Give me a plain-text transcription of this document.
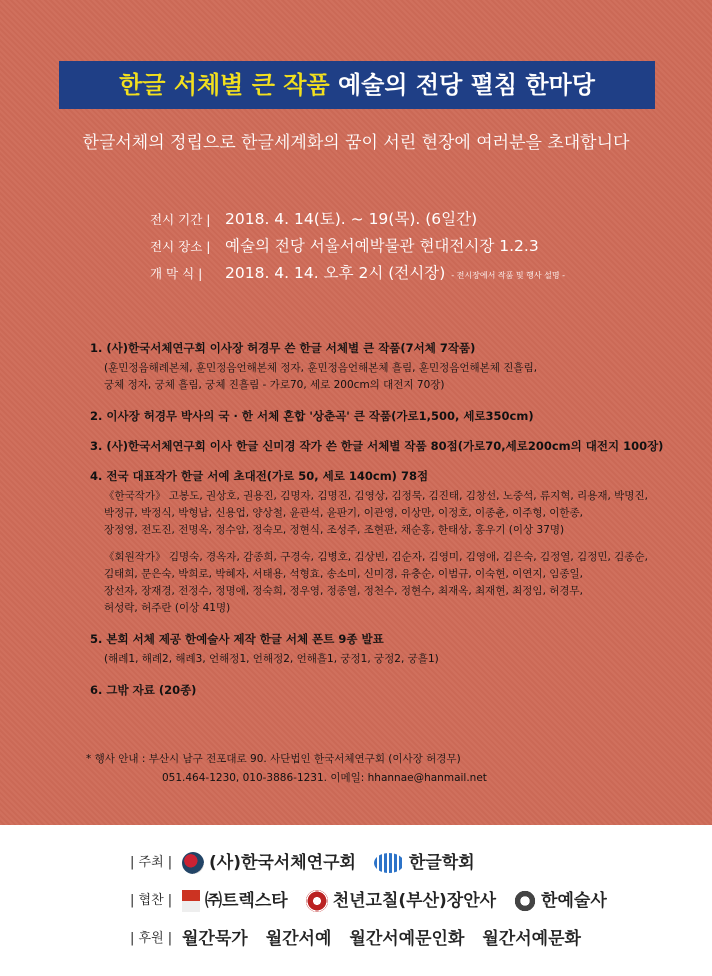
한글 서체별 큰 작품 예술의 전당 펼침 한마당
한글서체의 정립으로 한글세계화의 꿈이 서린 현장에 여러분을 초대합니다
전시 기간 | 2018. 4. 14(토). ~ 19(목). (6일간)
전시 장소 | 예술의 전당 서울서예박물관 현대전시장 1.2.3
개 막 식 | 2018. 4. 14. 오후 2시 (전시장) - 전시장에서 작품 및 행사 설명 -
1. (사)한국서체연구회 이사장 허경무 쓴 한글 서체별 큰 작품(7서체 7작품)
(훈민정음해례본체, 훈민정음언해본체 정자, 훈민정음언해본체 흘림, 훈민정음언해본체 진흘림,
궁체 정자, 궁체 흘림, 궁체 진흘림 - 가로70, 세로 200cm의 대전지 70장)
2. 이사장 허경무 박사의 국 · 한 서체 혼합 '상춘곡' 큰 작품(가로1,500, 세로350cm)
3. (사)한국서체연구회 이사 한글 신미경 작가 쓴 한글 서체별 작품 80점(가로70,세로200cm의 대전지 100장)
4. 전국 대표작가 한글 서예 초대전(가로 50, 세로 140cm) 78점
《한국작가》 고봉도, 권상호, 권용진, 김명자, 김명진, 김영상, 김정묵, 김진태, 김창선, 노중석, 류지혁, 리용재, 박명진,
박정규, 박정식, 박형남, 신용업, 양상철, 윤관석, 윤판기, 이관영, 이상만, 이정호, 이종춘, 이주형, 이한종,
장정영, 전도진, 전명옥, 정수암, 정숙모, 정현식, 조성주, 조현판, 채순홍, 한태상, 홍우기 (이상 37명)
《회원작가》 김명숙, 경옥자, 감종희, 구경숙, 김병호, 김상빈, 김순자, 김영미, 김영애, 김은숙, 김정열, 김정민, 김종순,
김태희, 문은숙, 박희로, 박혜자, 서태용, 석형효, 송소미, 신미경, 유충순, 이범규, 이숙현, 이연지, 임종일,
장선자, 장재경, 전정수, 정명애, 정숙희, 정우영, 정종열, 정천수, 정현수, 최재옥, 최재현, 최정임, 허경무,
허성락, 허주란 (이상 41명)
5. 본회 서체 제공 한예술사 제작 한글 서체 폰트 9종 발표
(해례1, 해례2, 해례3, 언해정1, 언해정2, 언해흘1, 궁정1, 궁정2, 궁흘1)
6. 그밖 자료 (20종)
* 행사 안내 : 부산시 남구 전포대로 90. 사단법인 한국서체연구회 (이사장 허경무)
051.464-1230, 010-3886-1231. 이메일: hhannae@hanmail.net
| 주최 |	(사)한국서체연구회	한글학회
| 협찬 |	㈜트렉스타	천년고칠(부산)장안사	한예술사
| 후원 | 월간묵가 월간서예 월간서예문인화 월간서예문화
